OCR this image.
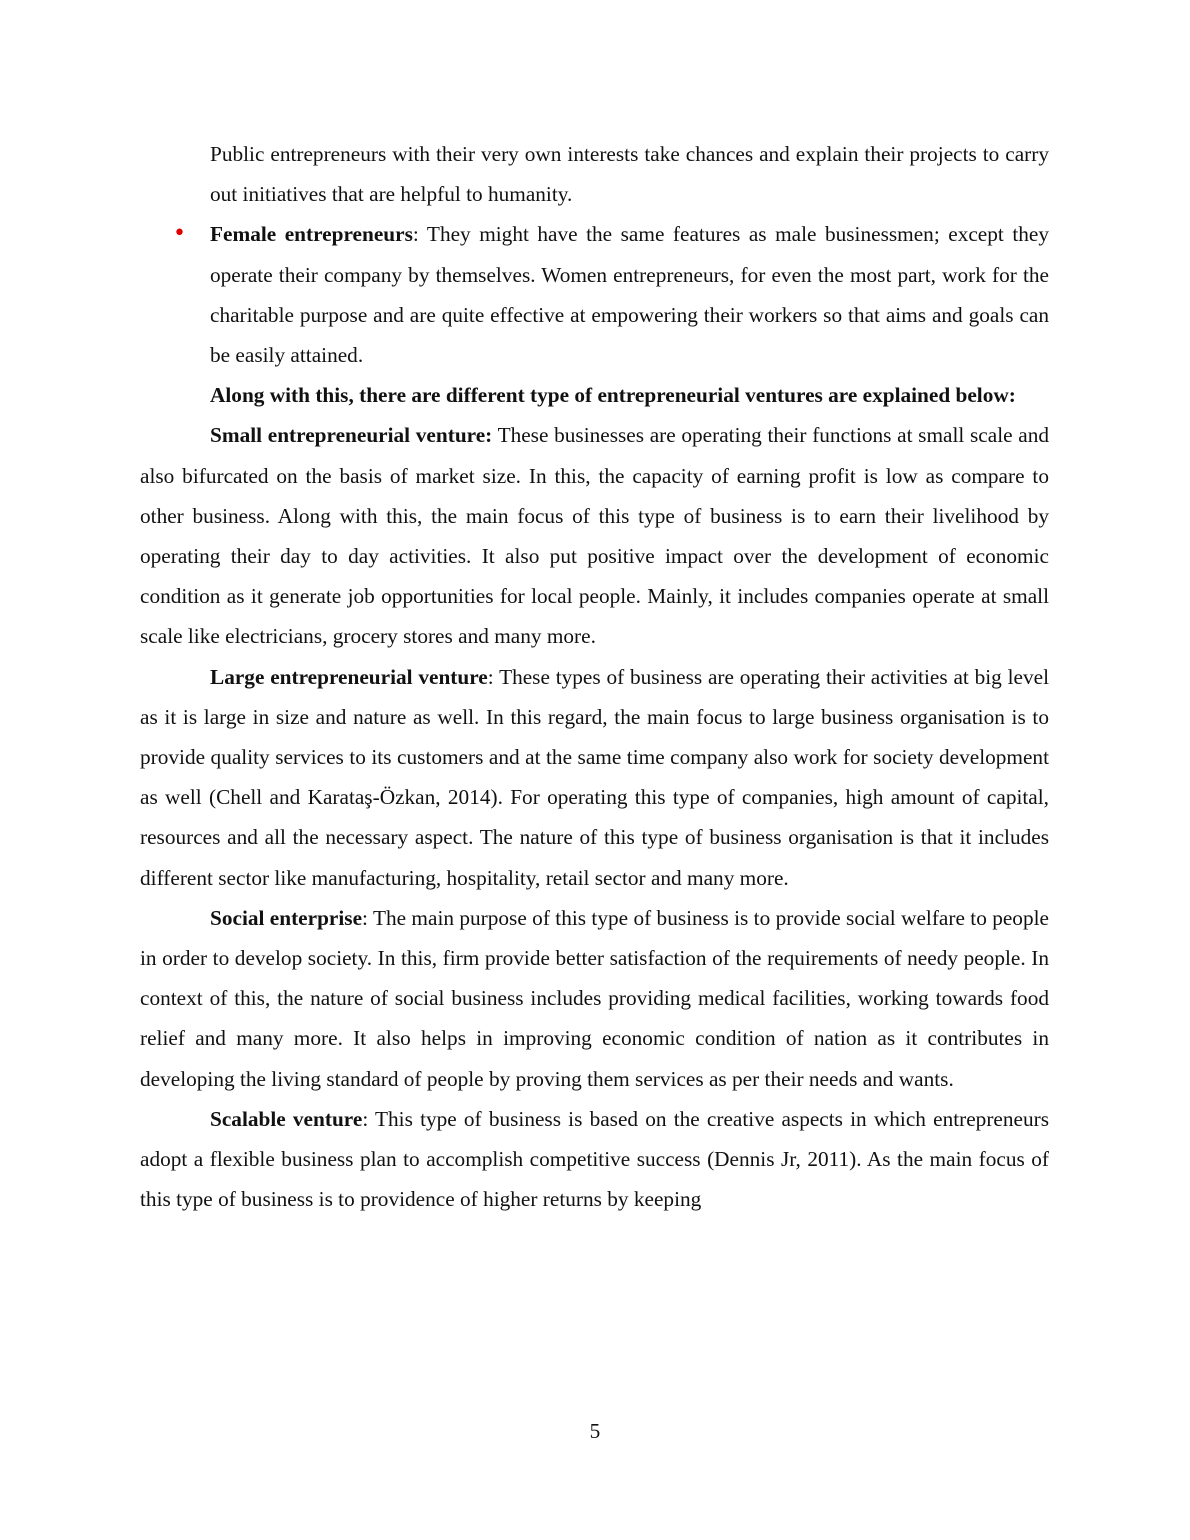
Public entrepreneurs with their very own interests take chances and explain their projects to carry out initiatives that are helpful to humanity.

• Female entrepreneurs: They might have the same features as male businessmen; except they operate their company by themselves. Women entrepreneurs, for even the most part, work for the charitable purpose and are quite effective at empowering their workers so that aims and goals can be easily attained.

Along with this, there are different type of entrepreneurial ventures are explained below:

Small entrepreneurial venture: These businesses are operating their functions at small scale and also bifurcated on the basis of market size. In this, the capacity of earning profit is low as compare to other business. Along with this, the main focus of this type of business is to earn their livelihood by operating their day to day activities. It also put positive impact over the development of economic condition as it generate job opportunities for local people. Mainly, it includes companies operate at small scale like electricians, grocery stores and many more.

Large entrepreneurial venture: These types of business are operating their activities at big level as it is large in size and nature as well. In this regard, the main focus to large business organisation is to provide quality services to its customers and at the same time company also work for society development as well (Chell and Karataş-Özkan, 2014). For operating this type of companies, high amount of capital, resources and all the necessary aspect. The nature of this type of business organisation is that it includes different sector like manufacturing, hospitality, retail sector and many more.

Social enterprise: The main purpose of this type of business is to provide social welfare to people in order to develop society. In this, firm provide better satisfaction of the requirements of needy people. In context of this, the nature of social business includes providing medical facilities, working towards food relief and many more. It also helps in improving economic condition of nation as it contributes in developing the living standard of people by proving them services as per their needs and wants.

Scalable venture: This type of business is based on the creative aspects in which entrepreneurs adopt a flexible business plan to accomplish competitive success (Dennis Jr, 2011). As the main focus of this type of business is to providence of higher returns by keeping

5
